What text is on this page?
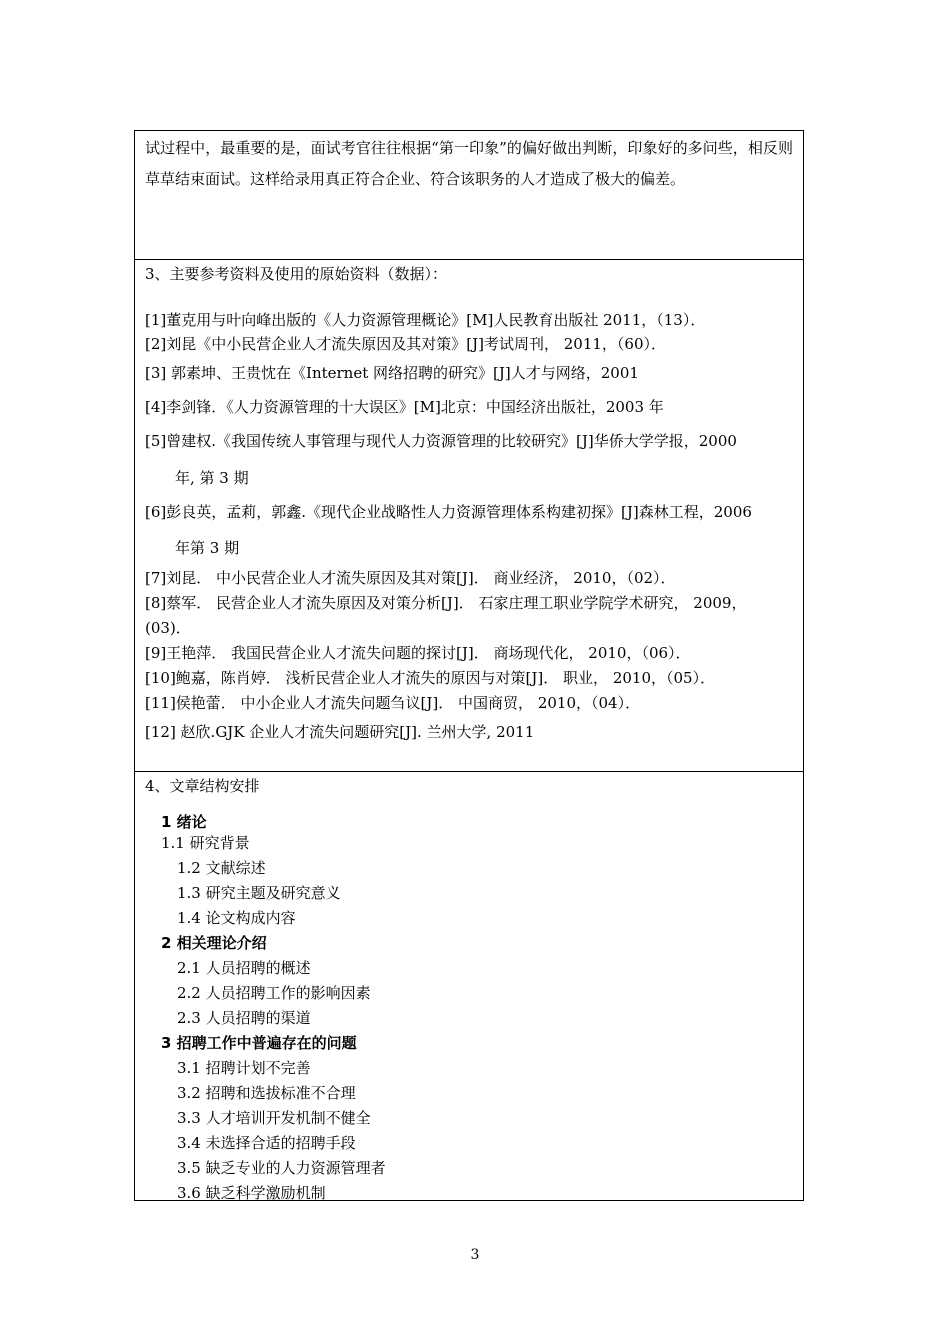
试过程中，最重要的是，面试考官往往根据“第一印象”的偏好做出判断，印象好的多问些，相反则草草结束面试。这样给录用真正符合企业、符合该职务的人才造成了极大的偏差。
3、主要参考资料及使用的原始资料（数据）：
[1]董克用与叶向峰出版的《人力资源管理概论》[M]人民教育出版社 2011，（13）．
[2]刘昆《中小民营企业人才流失原因及其对策》[J]考试周刊， 2011，（60）．
[3] 郭素坤、王贵忱在《Internet 网络招聘的研究》[J]人才与网络，2001
[4]李剑锋．《人力资源管理的十大误区》[M]北京：中国经济出版社，2003 年
[5]曾建权.《我国传统人事管理与现代人力资源管理的比较研究》[J]华侨大学学报，2000
年, 第 3 期
[6]彭良英，孟莉，郭鑫.《现代企业战略性人力资源管理体系构建初探》[J]森林工程，2006
年第 3 期
[7]刘昆． 中小民营企业人才流失原因及其对策[J]． 商业经济， 2010，（02）．
[8]蔡军． 民营企业人才流失原因及对策分析[J]． 石家庄理工职业学院学术研究， 2009，
(03)．
[9]王艳萍． 我国民营企业人才流失问题的探讨[J]． 商场现代化， 2010，（06）．
[10]鲍嘉，陈肖婷． 浅析民营企业人才流失的原因与对策[J]． 职业， 2010，（05）．
[11]侯艳蕾． 中小企业人才流失问题刍议[J]． 中国商贸， 2010，（04）．
[12] 赵欣.GJK 企业人才流失问题研究[J]. 兰州大学, 2011
4、文章结构安排
1 绪论
1.1 研究背景
1.2 文献综述
1.3 研究主题及研究意义
1.4 论文构成内容
2 相关理论介绍
2.1 人员招聘的概述
2.2 人员招聘工作的影响因素
2.3 人员招聘的渠道
3 招聘工作中普遍存在的问题
3.1 招聘计划不完善
3.2 招聘和选拔标准不合理
3.3 人才培训开发机制不健全
3.4 未选择合适的招聘手段
3.5 缺乏专业的人力资源管理者
3.6 缺乏科学激励机制
3
